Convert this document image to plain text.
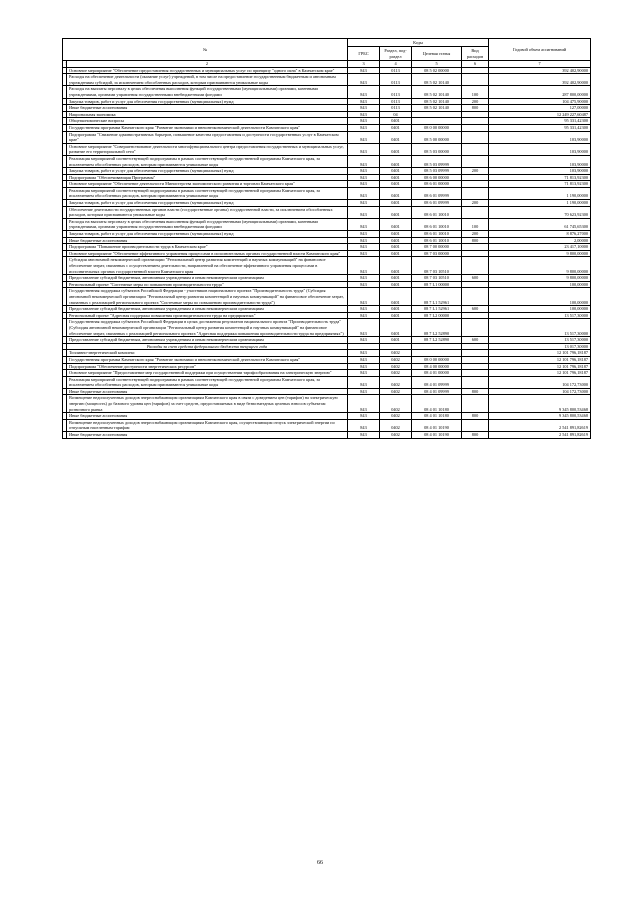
№		Коды				Годовой объем ассигнований
		ГРБС	Раздел, под-раздел	Целевая статья	Вид расходов	
1	2	3	4	5	6	7
	Основное мероприятие "Обеспечение предоставления государственных и муниципальных услуг по принципу "одного окна" в Камчатском крае"	843	0113	08 5 02 00000		392 402,90000
	Расходы на обеспечение деятельности (оказание услуг) учреждений, в том числе на предоставление государственным бюджетным и автономным учреждениям субсидий, за исключением обособленных расходов, которым присваиваются уникальные коды	843	0113	08 5 02 10140		392 402,90000
	Расходы на выплаты персоналу в целях обеспечения выполнения функций государственными (муниципальными) органами, казенными учреждениями, органами управления государственными внебюджетными фондами	843	0113	08 5 02 10140	100	287 800,00000
	Закупка товаров, работ и услуг для обеспечения государственных (муниципальных) нужд	843	0113	08 5 02 10140	200	104 475,90000
	Иные бюджетные ассигнования	843	0113	08 5 02 10140	800	127,00000
	Национальная экономика	843	04			12 249 227,60487
	Общеэкономические вопросы	843	0401			95 331,42300
	Государственная программа Камчатского края "Развитие экономики и внешнеэкономической деятельности Камчатского края"	843	0401	08 0 00 00000		95 331,42300
	Подпрограмма "Снижение административных барьеров, повышение качества предоставления и доступности государственных услуг в Камчатском крае"	843	0401	08 5 00 00000		103,90000
	Основное мероприятие "Совершенствование деятельности многофункционального центра предоставления государственных и муниципальных услуг, развитие его территориальной сети"	843	0401	08 5 03 00000		103,90000
	Реализация мероприятий соответствующей подпрограммы в рамках соответствующей государственной программы Камчатского края, за исключением обособленных расходов, которым присваиваются уникальные коды	843	0401	08 5 03 09999		103,90000
	Закупка товаров, работ и услуг для обеспечения государственных (муниципальных) нужд	843	0401	08 5 03 09999	200	103,90000
	Подпрограмма "Обеспечивающая Программы"	843	0401	08 6 00 00000		71 813,92300
	Основное мероприятие "Обеспечение деятельности Министерства экономического развития и торговли Камчатского края"	843	0401	08 6 01 00000		71 813,92300
	Реализация мероприятий соответствующей подпрограммы в рамках соответствующей государственной программы Камчатского края, за исключением обособленных расходов, которым присваиваются уникальные коды	843	0401	08 6 01 09999		1 190,00000
	Закупка товаров, работ и услуг для обеспечения государственных (муниципальных) нужд	843	0401	08 6 01 09999	200	1 190,00000
	Обеспечение деятельности государственных органов власти (государственные органы) государственной власти, за исключением обособленных расходов, которым присваиваются уникальные коды	843	0401	08 6 01 10010		70 623,92300
	Расходы на выплаты персоналу в целях обеспечения выполнения функций государственными (муниципальными) органами, казенными учреждениями, органами управления государственными внебюджетными фондами	843	0401	08 6 01 10010	100	61 745,65300
	Закупка товаров, работ и услуг для обеспечения государственных (муниципальных) нужд	843	0401	08 6 01 10010	200	8 876,27000
	Иные бюджетные ассигнования	843	0401	08 6 01 10010	800	2,00000
	Подпрограмма "Повышение производительности труда в Камчатском крае"	843	0401	08 7 00 00000		23 417,10000
	Основное мероприятие "Обеспечение эффективного управления процессами в исполнительных органах государственной власти Камчатского края"	843	0401	08 7 03 00000		9 800,00000
	Субсидия автономной некоммерческой организации "Региональный центр развития компетенций и научных коммуникаций" на финансовое обеспечение затрат, связанных с осуществлением деятельности, направленной на обеспечение эффективного управления процессами в исполнительных органах государственной власти Камчатского края	843	0401	08 7 03 10510		9 800,00000
	Предоставление субсидий бюджетным, автономным учреждениям и иным некоммерческим организациям	843	0401	08 7 03 10510	600	9 800,00000
	Региональный проект "Системные меры по повышению производительности труда"	843	0401	08 7 L1 00000		100,00000
	Государственная поддержка субъектов Российской Федерации - участников национального проекта "Производительность труда" (Субсидия автономной некоммерческой организации "Региональный центр развития компетенций и научных коммуникаций" на финансовое обеспечение затрат, связанных с реализацией регионального проекта "Системные меры по повышению производительности труда")	843	0401	08 7 L1 52961		100,00000
	Предоставление субсидий бюджетным, автономным учреждениям и иным некоммерческим организациям	843	0401	08 7 L1 52961	600	100,00000
	Региональный проект "Адресная поддержка повышения производительности труда на предприятиях"	843	0401	08 7 L2 00000		13 517,30000
	Государственная поддержка субъектов Российской Федерации в целях достижения результатов национального проекта "Производительность труда" (Субсидия автономной некоммерческой организации "Региональный центр развития компетенций и научных коммуникаций" на финансовое обеспечение затрат, связанных с реализацией регионального проекта "Адресная поддержка повышения производительности труда на предприятиях")	843	0401	08 7 L2 52890		13 517,30000
	Предоставление субсидий бюджетным, автономным учреждениям и иным некоммерческим организациям	843	0401	08 7 L2 52890	600	13 517,30000
	Расходы за счет средств федерального бюджета текущего года					13 017,30000
	Топливно-энергетический комплекс	843	0402			12 101 796,18187
	Государственная программа Камчатского края "Развитие экономики и внешнеэкономической деятельности Камчатского края"	843	0402	08 0 00 00000		12 101 796,18187
	Подпрограмма "Обеспечение доступности энергетических ресурсов"	843	0402	08 4 00 00000		12 101 796,18187
	Основное мероприятие "Предоставление мер государственной поддержки при осуществлении тарифообразования на электрическую энергию"	843	0402	08 4 01 00000		12 101 796,18187
	Реализация мероприятий соответствующей подпрограммы в рамках соответствующей государственной программы Камчатского края, за исключением обособленных расходов, которым присваиваются уникальные коды	843	0402	08 4 01 09999		104 172,73000
	Иные бюджетные ассигнования	843	0402	08 4 01 09999	800	104 172,73000
	Возмещение недополученных доходов энергоснабжающим организациям Камчатского края в связи с доведением цен (тарифов) на электрическую энергию (мощность) до базового уровня цен (тарифов) за счет средств, предоставляемых в виде безвозмездных целевых взносов субъектам розничного рынка	843	0402	08 4 01 10180		9 345 800,53468
	Иные бюджетные ассигнования	843	0402	08 4 01 10180	800	9 345 800,53468
	Возмещение недополученных доходов энергоснабжающим организациям Камчатского края, осуществляющим отпуск электрической энергии по отпускным населенным тарифам	843	0402	08 4 01 10190		2 541 891,82619
	Иные бюджетные ассигнования	843	0402	08 4 01 10190	800	2 541 891,82619
66
